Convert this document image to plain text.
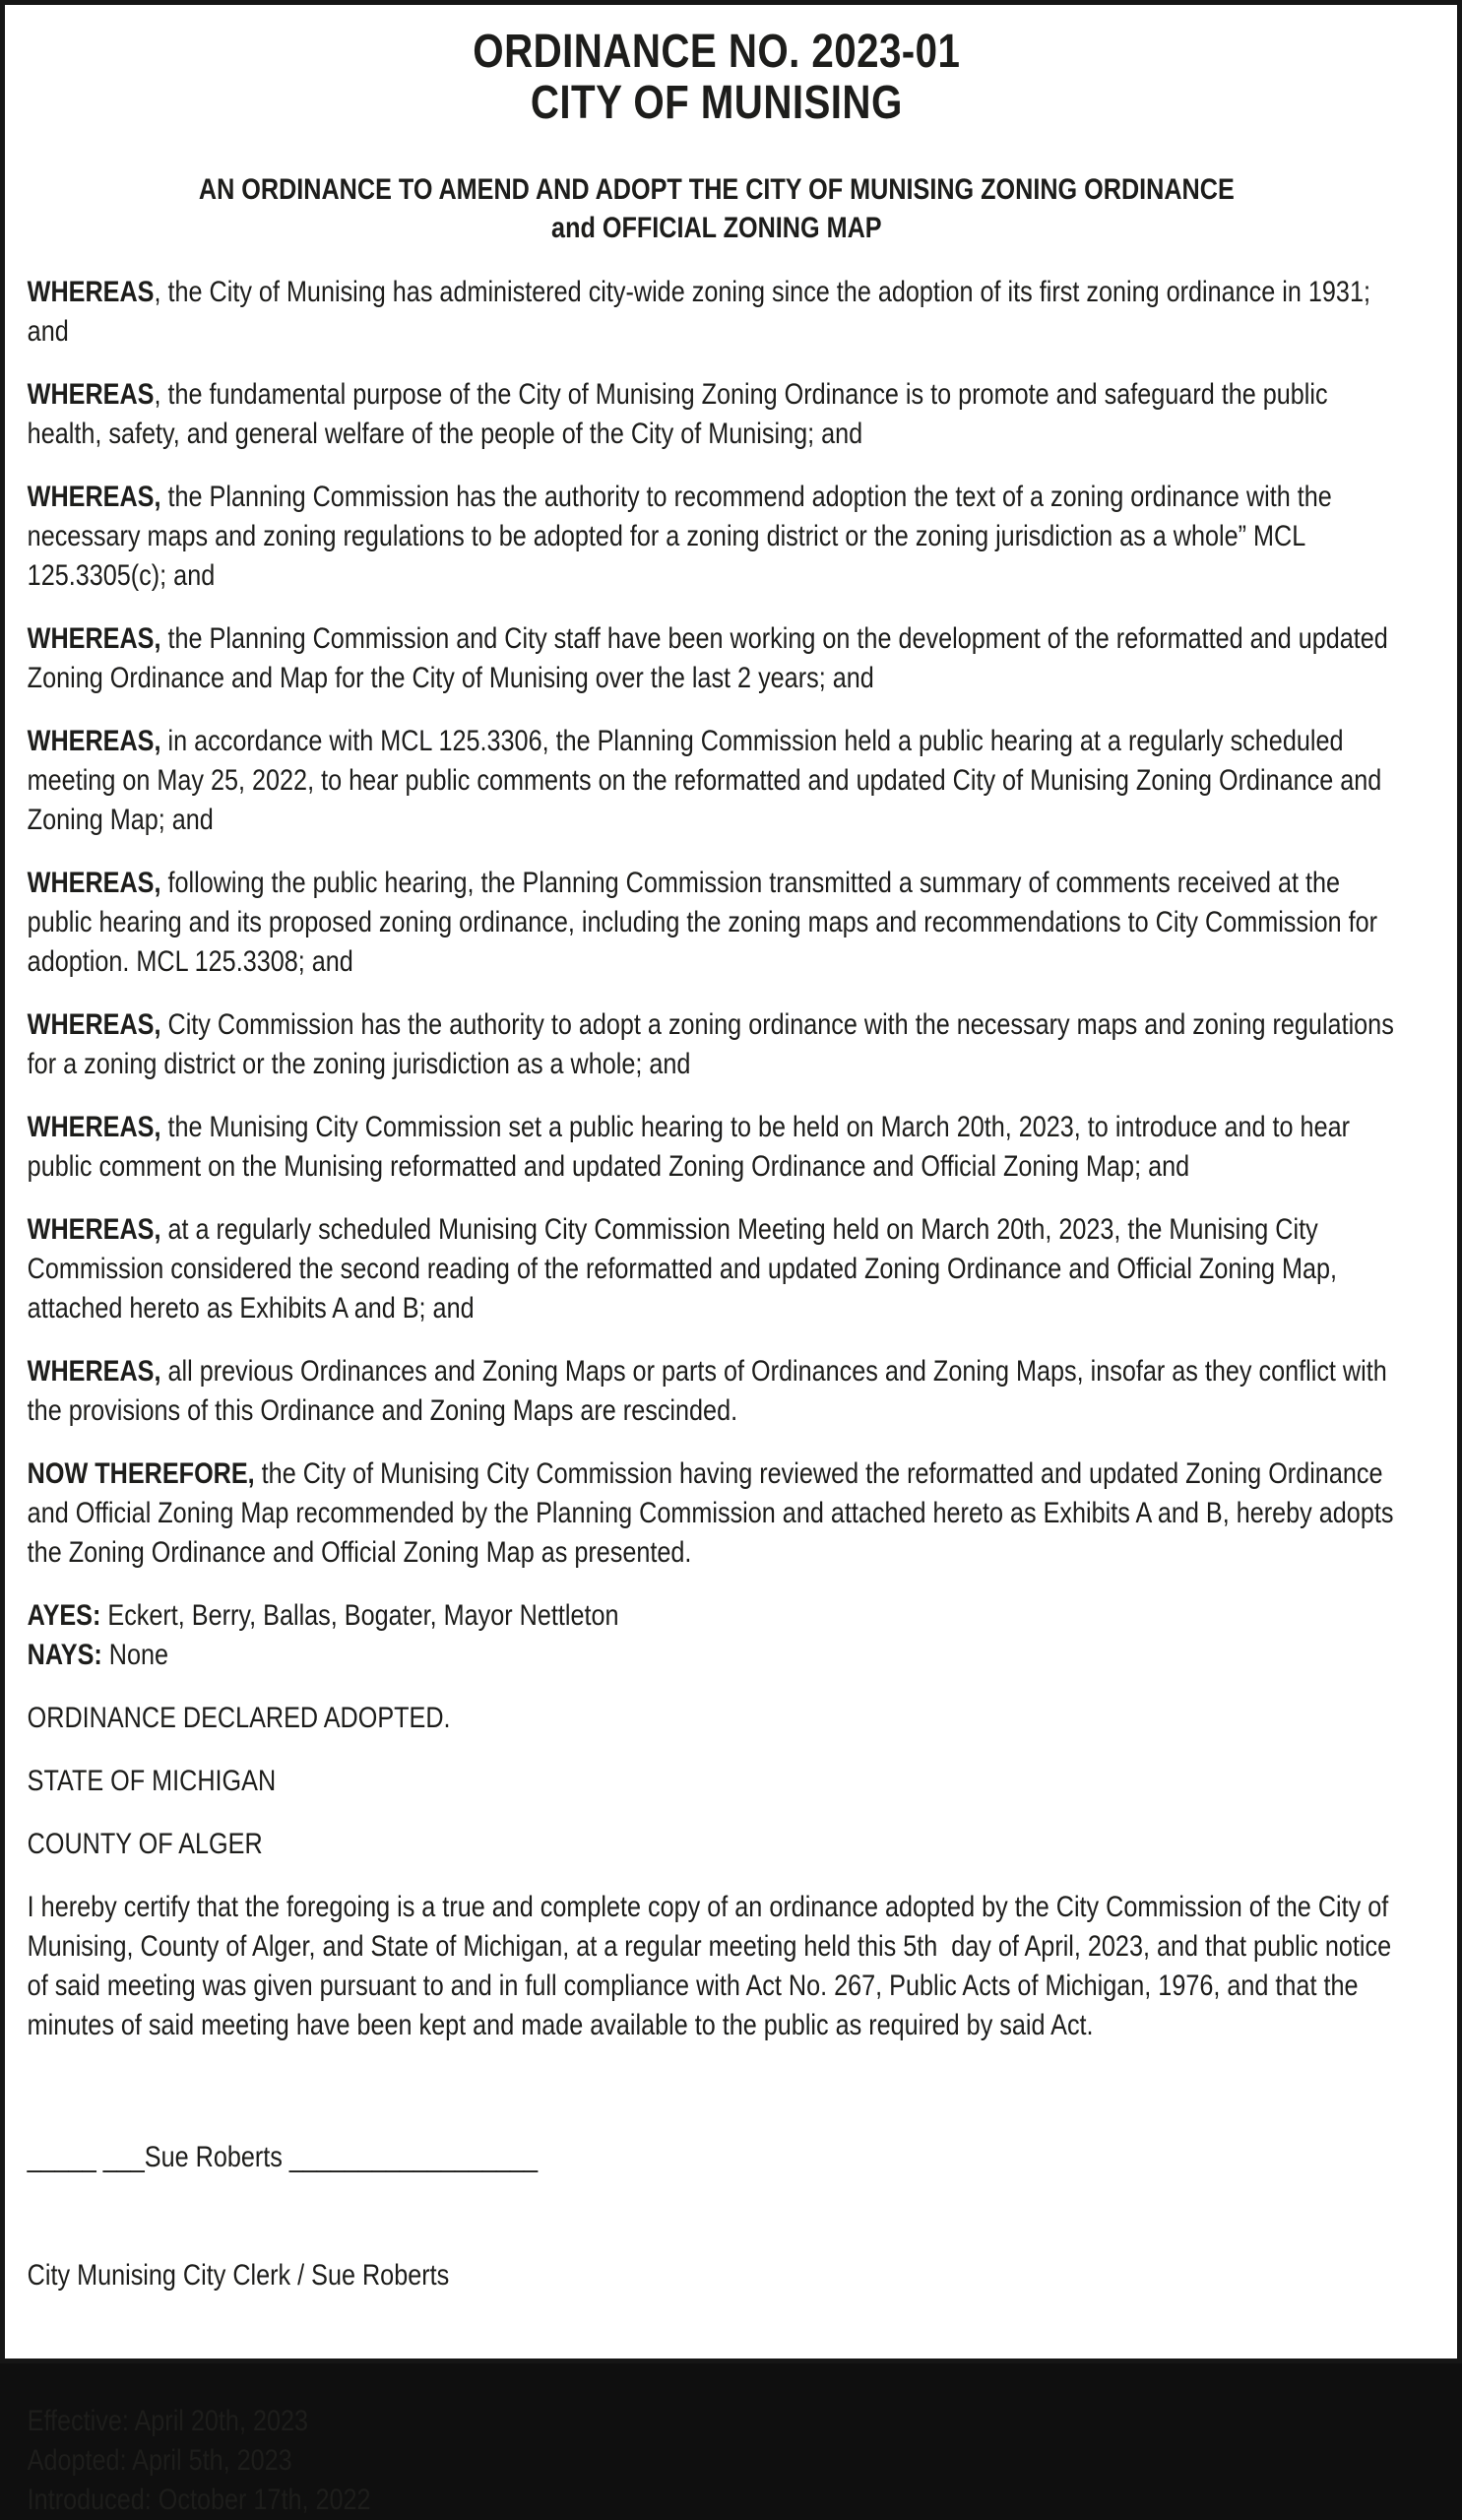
ORDINANCE NO. 2023-01
CITY OF MUNISING
AN ORDINANCE TO AMEND AND ADOPT THE CITY OF MUNISING ZONING ORDINANCE
and OFFICIAL ZONING MAP

WHEREAS, the City of Munising has administered city-wide zoning since the adoption of its first zoning ordinance in 1931; and

WHEREAS, the fundamental purpose of the City of Munising Zoning Ordinance is to promote and safeguard the public health, safety, and general welfare of the people of the City of Munising; and

WHEREAS, the Planning Commission has the authority to recommend adoption the text of a zoning ordinance with the necessary maps and zoning regulations to be adopted for a zoning district or the zoning jurisdiction as a whole” MCL 125.3305(c); and

WHEREAS, the Planning Commission and City staff have been working on the development of the reformatted and updated Zoning Ordinance and Map for the City of Munising over the last 2 years; and

WHEREAS, in accordance with MCL 125.3306, the Planning Commission held a public hearing at a regularly scheduled meeting on May 25, 2022, to hear public comments on the reformatted and updated City of Munising Zoning Ordinance and Zoning Map; and

WHEREAS, following the public hearing, the Planning Commission transmitted a summary of comments received at the public hearing and its proposed zoning ordinance, including the zoning maps and recommendations to City Commission for adoption. MCL 125.3308; and

WHEREAS, City Commission has the authority to adopt a zoning ordinance with the necessary maps and zoning regulations for a zoning district or the zoning jurisdiction as a whole; and

WHEREAS, the Munising City Commission set a public hearing to be held on March 20th, 2023, to introduce and to hear public comment on the Munising reformatted and updated Zoning Ordinance and Official Zoning Map; and

WHEREAS, at a regularly scheduled Munising City Commission Meeting held on March 20th, 2023, the Munising City Commission considered the second reading of the reformatted and updated Zoning Ordinance and Official Zoning Map, attached hereto as Exhibits A and B; and

WHEREAS, all previous Ordinances and Zoning Maps or parts of Ordinances and Zoning Maps, insofar as they conflict with the provisions of this Ordinance and Zoning Maps are rescinded.

NOW THEREFORE, the City of Munising City Commission having reviewed the reformatted and updated Zoning Ordinance and Official Zoning Map recommended by the Planning Commission and attached hereto as Exhibits A and B, hereby adopts the Zoning Ordinance and Official Zoning Map as presented.

AYES: Eckert, Berry, Ballas, Bogater, Mayor Nettleton

NAYS: None

ORDINANCE DECLARED ADOPTED.

STATE OF MICHIGAN

COUNTY OF ALGER

I hereby certify that the foregoing is a true and complete copy of an ordinance adopted by the City Commission of the City of Munising, County of Alger, and State of Michigan, at a regular meeting held this 5th  day of April, 2023, and that public notice of said meeting was given pursuant to and in full compliance with Act No. 267, Public Acts of Michigan, 1976, and that the minutes of said meeting have been kept and made available to the public as required by said Act.

_____ ___Sue Roberts __________________

City Munising City Clerk / Sue Roberts

Effective: April 20th, 2023

Adopted: April 5th, 2023

Introduced: October 17th, 2022
